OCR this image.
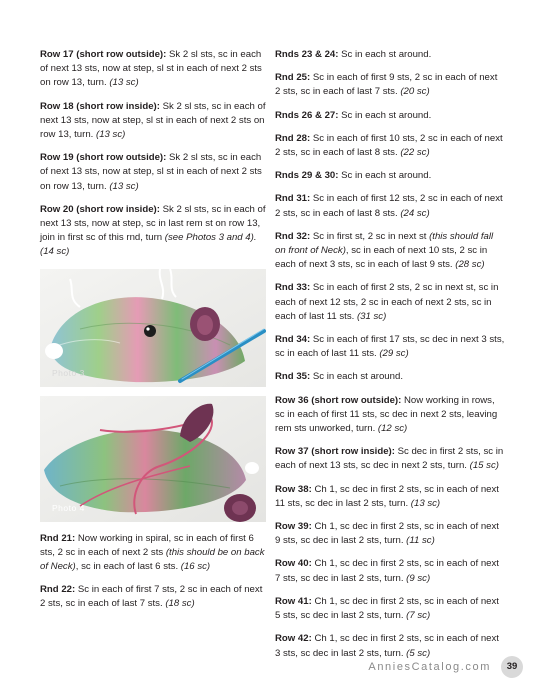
Row 17 (short row outside): Sk 2 sl sts, sc in each of next 13 sts, now at step, sl st in each of next 2 sts on row 13, turn. (13 sc)

Row 18 (short row inside): Sk 2 sl sts, sc in each of next 13 sts, now at step, sl st in each of next 2 sts on row 13, turn. (13 sc)

Row 19 (short row outside): Sk 2 sl sts, sc in each of next 13 sts, now at step, sl st in each of next 2 sts on row 13, turn. (13 sc)

Row 20 (short row inside): Sk 2 sl sts, sc in each of next 13 sts, now at step, sc in last rem st on row 13, join in first sc of this rnd, turn (see Photos 3 and 4). (14 sc)

Photo 3
Photo 4

Rnd 21: Now working in spiral, sc in each of first 6 sts, 2 sc in each of next 2 sts (this should be on back of Neck), sc in each of last 6 sts. (16 sc)

Rnd 22: Sc in each of first 7 sts, 2 sc in each of next 2 sts, sc in each of last 7 sts. (18 sc)

Rnds 23 & 24: Sc in each st around.

Rnd 25: Sc in each of first 9 sts, 2 sc in each of next 2 sts, sc in each of last 7 sts. (20 sc)

Rnds 26 & 27: Sc in each st around.

Rnd 28: Sc in each of first 10 sts, 2 sc in each of next 2 sts, sc in each of last 8 sts. (22 sc)

Rnds 29 & 30: Sc in each st around.

Rnd 31: Sc in each of first 12 sts, 2 sc in each of next 2 sts, sc in each of last 8 sts. (24 sc)

Rnd 32: Sc in first st, 2 sc in next st (this should fall on front of Neck), sc in each of next 10 sts, 2 sc in each of next 3 sts, sc in each of last 9 sts. (28 sc)

Rnd 33: Sc in each of first 2 sts, 2 sc in next st, sc in each of next 12 sts, 2 sc in each of next 2 sts, sc in each of last 11 sts. (31 sc)

Rnd 34: Sc in each of first 17 sts, sc dec in next 3 sts, sc in each of last 11 sts. (29 sc)

Rnd 35: Sc in each st around.

Row 36 (short row outside): Now working in rows, sc in each of first 11 sts, sc dec in next 2 sts, leaving rem sts unworked, turn. (12 sc)

Row 37 (short row inside): Sc dec in first 2 sts, sc in each of next 13 sts, sc dec in next 2 sts, turn. (15 sc)

Row 38: Ch 1, sc dec in first 2 sts, sc in each of next 11 sts, sc dec in last 2 sts, turn. (13 sc)

Row 39: Ch 1, sc dec in first 2 sts, sc in each of next 9 sts, sc dec in last 2 sts, turn. (11 sc)

Row 40: Ch 1, sc dec in first 2 sts, sc in each of next 7 sts, sc dec in last 2 sts, turn. (9 sc)

Row 41: Ch 1, sc dec in first 2 sts, sc in each of next 5 sts, sc dec in last 2 sts, turn. (7 sc)

Row 42: Ch 1, sc dec in first 2 sts, sc in each of next 3 sts, sc dec in last 2 sts, turn. (5 sc)

AnniesCatalog.com	39
